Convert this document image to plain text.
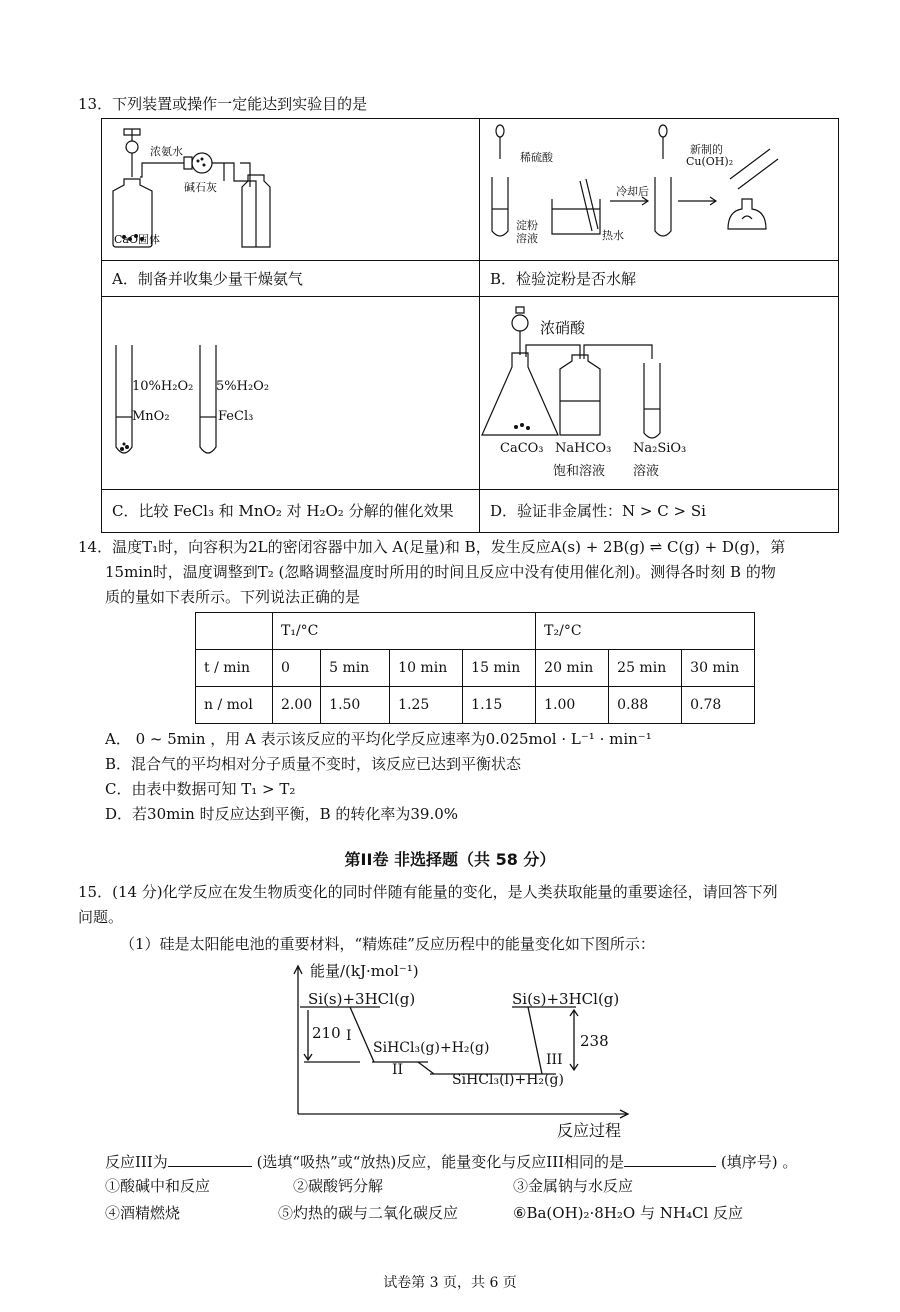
13．下列装置或操作一定能达到实验目的是
浓氨水
碱石灰
CaO固体
稀硫酸
淀粉
溶液	热水
冷却后
新制的
Cu(OH)₂
10%H₂O₂
MnO₂
5%H₂O₂
FeCl₃
浓硝酸
CaCO₃ NaHCO₃
饱和溶液
Na₂SiO₃
溶液
A．制备并收集少量干燥氨气	B．检验淀粉是否水解
C．比较 FeCl₃ 和 MnO₂ 对 H₂O₂ 分解的催化效果 D．验证非金属性：N > C > Si
14．温度T₁时，向容积为2L的密闭容器中加入 A(足量)和 B，发生反应A(s) + 2B(g) ⇌ C(g) + D(g)，第
15min时，温度调整到T₂ (忽略调整温度时所用的时间且反应中没有使用催化剂)。测得各时刻 B 的物
质的量如下表所示。下列说法正确的是
	T₁/°C				T₂/°C		
t / min	0	5 min	10 min	15 min	20 min	25 min	30 min
n / mol	2.00	1.50	1.25	1.15	1.00	0.88	0.78
A． 0 ~ 5min ，用 A 表示该反应的平均化学反应速率为0.025mol · L⁻¹ · min⁻¹
B．混合气的平均相对分子质量不变时，该反应已达到平衡状态
C．由表中数据可知 T₁ > T₂
D．若30min 时反应达到平衡，B 的转化率为39.0%
第II卷 非选择题（共 58 分）
15．(14 分)化学反应在发生物质变化的同时伴随有能量的变化，是人类获取能量的重要途径，请回答下列
问题。
（1）硅是太阳能电池的重要材料，“精炼硅”反应历程中的能量变化如下图所示：
能量/(kJ·mol⁻¹)
Si(s)+3HCl(g)	Si(s)+3HCl(g)
SiHCl₃(g)+H₂(g)
SiHCl₃(l)+H₂(g)
210	238
I
II
III
反应过程
反应III为	(选填“吸热”或“放热)反应，能量变化与反应III相同的是	(填序号) 。
①酸碱中和反应	②碳酸钙分解	③金属钠与水反应
④酒精燃烧	⑤灼热的碳与二氧化碳反应	⑥Ba(OH)₂·8H₂O 与 NH₄Cl 反应
试卷第 3 页，共 6 页
